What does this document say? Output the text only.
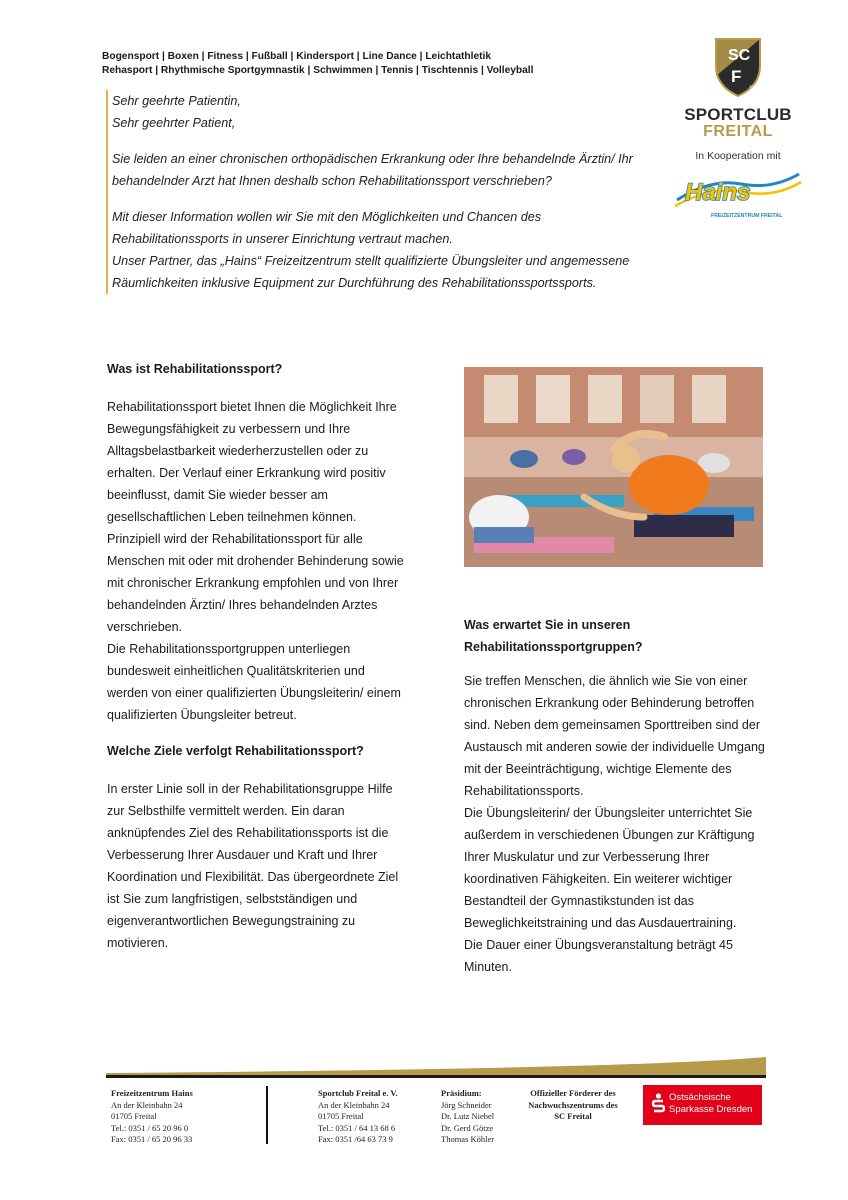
Bogensport | Boxen | Fitness | Fußball | Kindersport | Line Dance | Leichtathletik
Rehasport | Rhythmische Sportgymnastik | Schwimmen | Tennis | Tischtennis | Volleyball
SC
F
2006
SPORTCLUB
FREITAL
In Kooperation mit
Hains
FREIZEITZENTRUM FREITAL

Sehr geehrte Patientin,

Sehr geehrter Patient,

Sie leiden an einer chronischen orthopädischen Erkrankung oder Ihre behandelnde Ärztin/ Ihr behandelnder Arzt hat Ihnen deshalb schon Rehabilitationssport verschrieben?

Mit dieser Information wollen wir Sie mit den Möglichkeiten und Chancen des Rehabilitationssports in unserer Einrichtung vertraut machen.

Unser Partner, das „Hains“ Freizeitzentrum stellt qualifizierte Übungsleiter und angemessene Räumlichkeiten inklusive Equipment zur Durchführung des Rehabilitationssportssports.

Was ist Rehabilitationssport?

Rehabilitationssport bietet Ihnen die Möglichkeit Ihre Bewegungsfähigkeit zu verbessern und Ihre Alltagsbelastbarkeit wiederherzustellen oder zu erhalten. Der Verlauf einer Erkrankung wird positiv beeinflusst, damit Sie wieder besser am gesellschaftlichen Leben teilnehmen können.

Prinzipiell wird der Rehabilitationssport für alle Menschen mit oder mit drohender Behinderung sowie mit chronischer Erkrankung empfohlen und von Ihrer behandelnden Ärztin/ Ihres behandelnden Arztes verschrieben.

Die Rehabilitationssportgruppen unterliegen bundesweit einheitlichen Qualitätskriterien und werden von einer qualifizierten Übungsleiterin/ einem qualifizierten Übungsleiter betreut.

Welche Ziele verfolgt Rehabilitationssport?

In erster Linie soll in der Rehabilitationsgruppe Hilfe zur Selbsthilfe vermittelt werden. Ein daran anknüpfendes Ziel des Rehabilitationssports ist die Verbesserung Ihrer Ausdauer und Kraft und Ihrer Koordination und Flexibilität. Das übergeordnete Ziel ist Sie zum langfristigen, selbstständigen und eigenverantwortlichen Bewegungstraining zu motivieren.

Was erwartet Sie in unseren
Rehabilitationssportgruppen?

Sie treffen Menschen, die ähnlich wie Sie von einer chronischen Erkrankung oder Behinderung betroffen sind. Neben dem gemeinsamen Sporttreiben sind der Austausch mit anderen sowie der individuelle Umgang mit der Beeinträchtigung, wichtige Elemente des Rehabilitationssports.

Die Übungsleiterin/ der Übungsleiter unterrichtet Sie außerdem in verschiedenen Übungen zur Kräftigung Ihrer Muskulatur und zur Verbesserung Ihrer koordinativen Fähigkeiten. Ein weiterer wichtiger Bestandteil der Gymnastikstunden ist das Beweglichkeitstraining und das Ausdauertraining.

Die Dauer einer Übungsveranstaltung beträgt 45 Minuten.

Freizeitzentrum Hains
An der Kleinbahn 24
01705 Freital
Tel.: 0351 / 65 20 96 0
Fax: 0351 / 65 20 96 33
Sportclub Freital e. V.
An der Kleinbahn 24
01705 Freital
Tel.: 0351 / 64 13 68 6
Fax: 0351 /64 63 73 9
Präsidium:
Jörg Schneider
Dr. Lutz Niebel
Dr. Gerd Götze
Thomas Köhler
Offizieller Förderer des
Nachwuchszentrums des
SC Freital
Ostsächsische
Sparkasse Dresden
